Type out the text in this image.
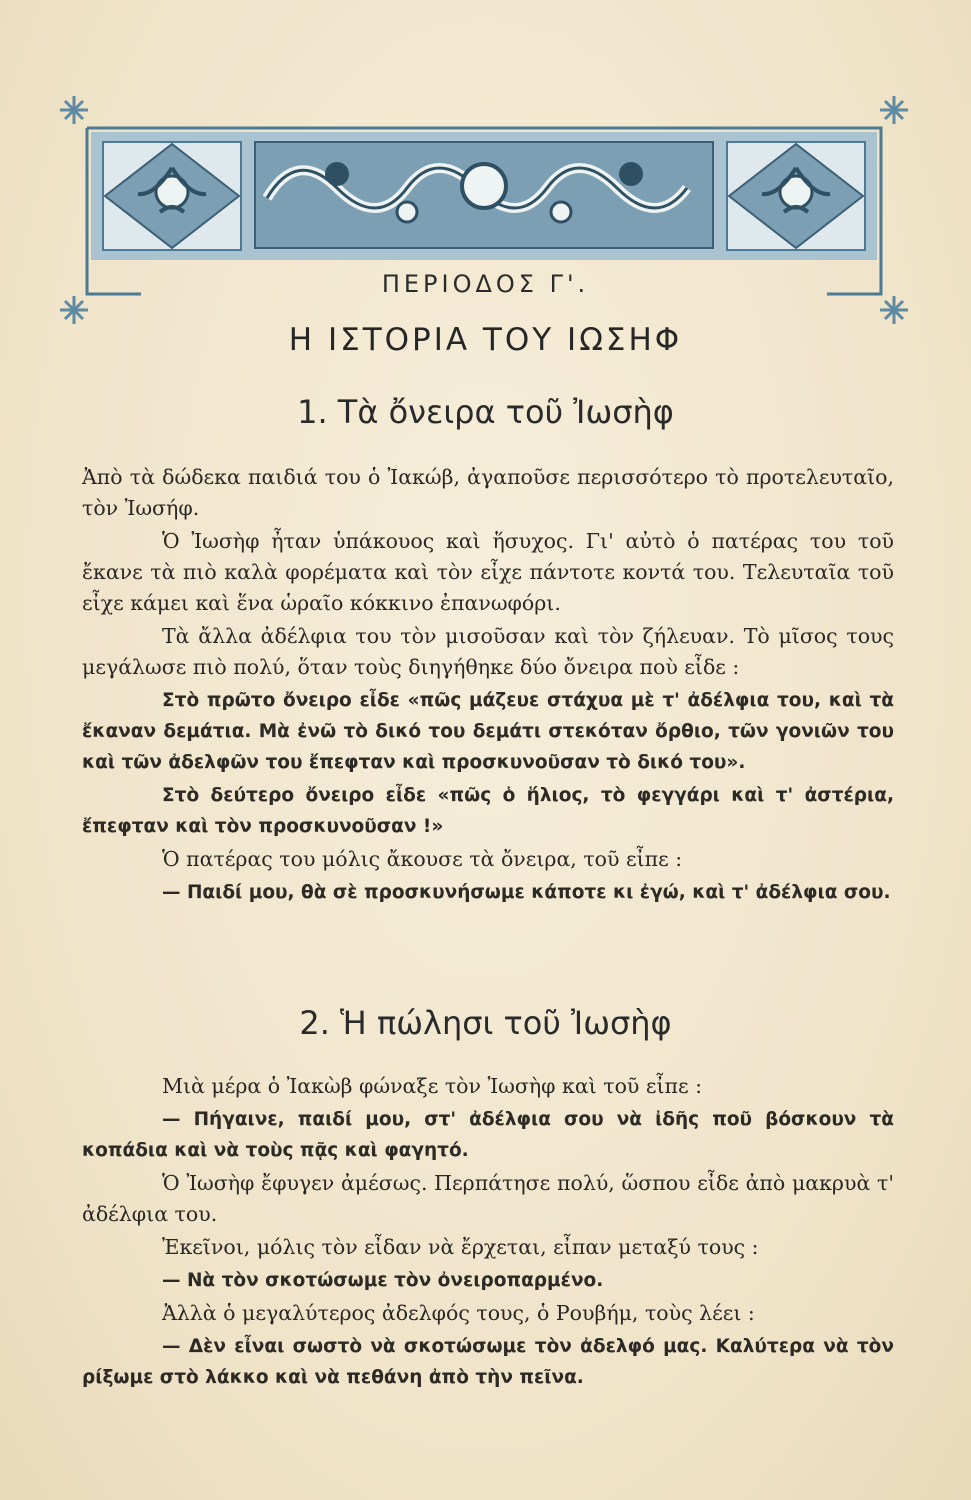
ΠΕΡΙΟΔΟΣ Γ'.
Η ΙΣΤΟΡΙΑ ΤΟΥ ΙΩΣΗΦ
1. Τὰ ὄνειρα τοῦ Ἰωσὴφ

Ἀπὸ τὰ δώδεκα παιδιά του ὁ Ἰακώβ, ἀγαποῦσε περισσότερο τὸ προτελευταῖο, τὸν Ἰωσήφ.

Ὁ Ἰωσὴφ ἦταν ὑπάκουος καὶ ἥσυχος. Γι' αὐτὸ ὁ πατέρας του τοῦ ἔκανε τὰ πιὸ καλὰ φορέματα καὶ τὸν εἶχε πάντοτε κοντά του. Τελευταῖα τοῦ εἶχε κάμει καὶ ἕνα ὡραῖο κόκκινο ἐπανωφόρι.

Τὰ ἄλλα ἀδέλφια του τὸν μισοῦσαν καὶ τὸν ζήλευαν. Τὸ μῖσος τους μεγάλωσε πιὸ πολύ, ὅταν τοὺς διηγήθηκε δύο ὄνειρα ποὺ εἶδε :

Στὸ πρῶτο ὄνειρο εἶδε «πῶς μάζευε στάχυα μὲ τ' ἀδέλφια του, καὶ τὰ ἔκαναν δεμάτια. Μὰ ἐνῶ τὸ δικό του δεμάτι στεκόταν ὄρθιο, τῶν γονιῶν του καὶ τῶν ἀδελφῶν του ἔπεφταν καὶ προσκυνοῦσαν τὸ δικό του».

Στὸ δεύτερο ὄνειρο εἶδε «πῶς ὁ ἥλιος, τὸ φεγγάρι καὶ τ' ἀστέρια, ἔπεφταν καὶ τὸν προσκυνοῦσαν !»

Ὁ πατέρας του μόλις ἄκουσε τὰ ὄνειρα, τοῦ εἶπε :

— Παιδί μου, θὰ σὲ προσκυνήσωμε κάποτε κι ἐγώ, καὶ τ' ἀδέλφια σου.

2. Ἡ πώλησι τοῦ Ἰωσὴφ

Μιὰ μέρα ὁ Ἰακὼβ φώναξε τὸν Ἰωσὴφ καὶ τοῦ εἶπε :

— Πήγαινε, παιδί μου, στ' ἀδέλφια σου νὰ ἰδῆς ποῦ βόσκουν τὰ κοπάδια καὶ νὰ τοὺς πᾷς καὶ φαγητό.

Ὁ Ἰωσὴφ ἔφυγεν ἀμέσως. Περπάτησε πολύ, ὥσπου εἶδε ἀπὸ μακρυὰ τ' ἀδέλφια του.

Ἐκεῖνοι, μόλις τὸν εἶδαν νὰ ἔρχεται, εἶπαν μεταξύ τους :

— Νὰ τὸν σκοτώσωμε τὸν ὀνειροπαρμένο.

Ἀλλὰ ὁ μεγαλύτερος ἀδελφός τους, ὁ Ρουβήμ, τοὺς λέει :

— Δὲν εἶναι σωστὸ νὰ σκοτώσωμε τὸν ἀδελφό μας. Καλύτερα νὰ τὸν ρίξωμε στὸ λάκκο καὶ νὰ πεθάνη ἀπὸ τὴν πεῖνα.
